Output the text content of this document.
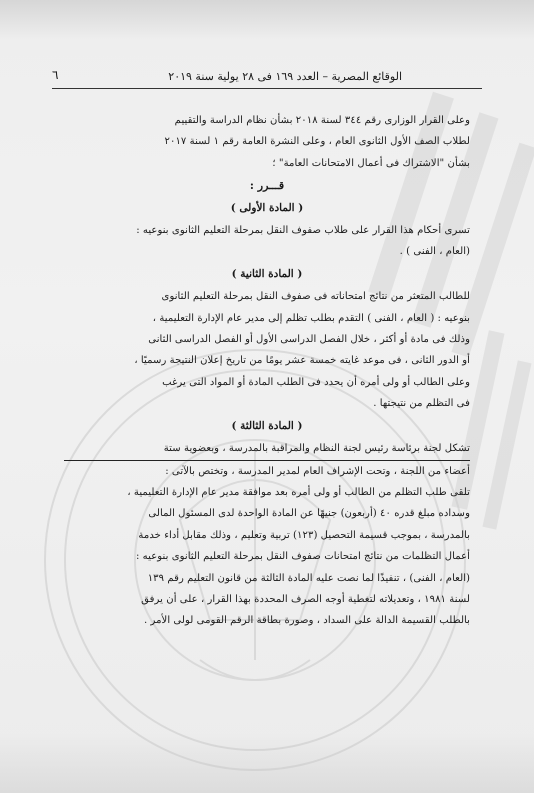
٦	الوقائع المصرية – العدد ١٦٩ فى ٢٨ يولية سنة ٢٠١٩

وعلى القرار الوزارى رقم ٣٤٤ لسنة ٢٠١٨ بشأن نظام الدراسة والتقييم

لطلاب الصف الأول الثانوى العام ، وعلى النشرة العامة رقم ١ لسنة ٢٠١٧

بشأن "الاشتراك فى أعمال الامتحانات العامة" ؛

قـــرر :

( المادة الأولى )

تسرى أحكام هذا القرار على طلاب صفوف النقل بمرحلة التعليم الثانوى بنوعيه :

(العام ، الفنى ) .

( المادة الثانية )

للطالب المتعثر من نتائج امتحاناته فى صفوف النقل بمرحلة التعليم الثانوى

بنوعيه : ( العام ، الفنى ) التقدم بطلب تظلم إلى مدير عام الإدارة التعليمية ،

وذلك فى مادة أو أكثر ، خلال الفصل الدراسى الأول أو الفصل الدراسى الثانى

أو الدور الثانى ، فى موعد غايته خمسة عشر يومًا من تاريخ إعلان النتيجة رسميًا ،

وعلى الطالب أو ولى أمره أن يحدد فى الطلب المادة أو المواد التى يرغب

فى التظلم من نتيجتها .

( المادة الثالثة )

تشكل لجنة برئاسة رئيس لجنة النظام والمراقبة بالمدرسة ، وبعضوية ستة

أعضاء من اللجنة ، وتحت الإشراف العام لمدير المدرسة ، وتختص بالآتى :

تلقى طلب التظلم من الطالب أو ولى أمره بعد موافقة مدير عام الإدارة التعليمية ،

وسداده مبلغ قدره ٤٠ (أربعون) جنيهًا عن المادة الواحدة لدى المسئول المالى

بالمدرسة ، بموجب قسيمة التحصيل (١٢٣) تربية وتعليم ، وذلك مقابل أداء خدمة

أعمال التظلمات من نتائج امتحانات صفوف النقل بمرحلة التعليم الثانوى بنوعيه :

(العام ، الفنى) ، تنفيذًا لما نصت عليه المادة الثالثة من قانون التعليم رقم ١٣٩

لسنة ١٩٨١ ، وتعديلاته لتغطية أوجه الصرف المحددة بهذا القرار ، على أن يرفق

بالطلب القسيمة الدالة على السداد ، وصورة بطاقة الرقم القومى لولى الأمر .
